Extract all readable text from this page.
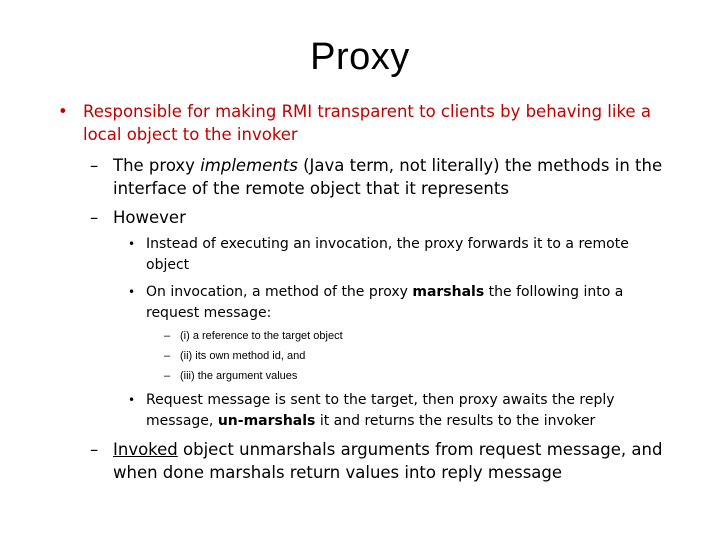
Proxy
• Responsible for making RMI transparent to clients by behaving like a local object to the invoker
– The proxy implements (Java term, not literally) the methods in the interface of the remote object that it represents
– However
• Instead of executing an invocation, the proxy forwards it to a remote object
• On invocation, a method of the proxy marshals the following into a request message:
– (i) a reference to the target object
– (ii) its own method id, and
– (iii) the argument values
• Request message is sent to the target, then proxy awaits the reply message, un-marshals it and returns the results to the invoker
– Invoked object unmarshals arguments from request message, and when done marshals return values into reply message
